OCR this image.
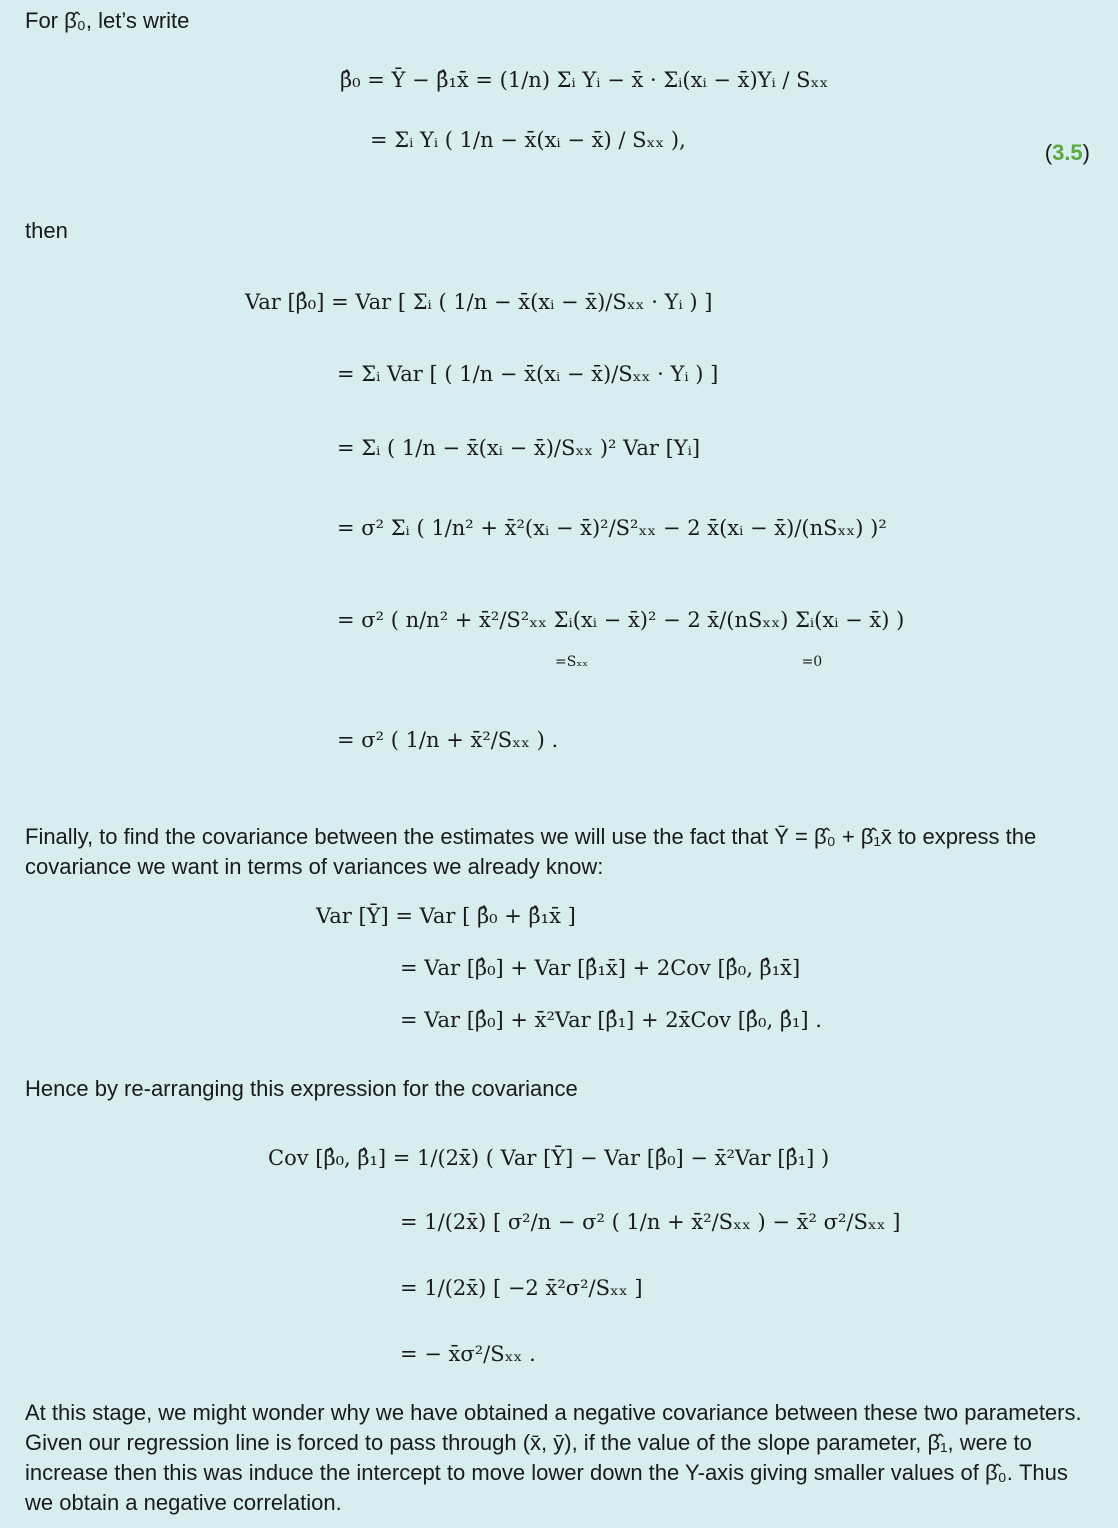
For β̂₀, let’s write

β̂₀ = Ȳ − β̂₁x̄ = (1/n) Σᵢ Yᵢ − x̄ · Σᵢ(xᵢ − x̄)Yᵢ / Sₓₓ
= Σᵢ Yᵢ ( 1/n − x̄(xᵢ − x̄) / Sₓₓ ),	(3.5)

then

Var [β̂₀] = Var [ Σᵢ ( 1/n − x̄(xᵢ − x̄)/Sₓₓ · Yᵢ ) ]
= Σᵢ Var [ ( 1/n − x̄(xᵢ − x̄)/Sₓₓ · Yᵢ ) ]
= Σᵢ ( 1/n − x̄(xᵢ − x̄)/Sₓₓ )² Var [Yᵢ]
= σ² Σᵢ ( 1/n² + x̄²(xᵢ − x̄)²/S²ₓₓ − 2 x̄(xᵢ − x̄)/(nSₓₓ) )²
= σ² ( n/n² + x̄²/S²ₓₓ Σᵢ(xᵢ − x̄)² − 2 x̄/(nSₓₓ) Σᵢ(xᵢ − x̄) )
=Sₓₓ	=0
= σ² ( 1/n + x̄²/Sₓₓ ) .

Finally, to find the covariance between the estimates we will use the fact that Ȳ = β̂₀ + β̂₁x̄ to express the covariance we want in terms of variances we already know:

Var [Ȳ] = Var [ β̂₀ + β̂₁x̄ ]
= Var [β̂₀] + Var [β̂₁x̄] + 2Cov [β̂₀, β̂₁x̄]
= Var [β̂₀] + x̄²Var [β̂₁] + 2x̄Cov [β̂₀, β̂₁] .

Hence by re-arranging this expression for the covariance

Cov [β̂₀, β̂₁] = 1/(2x̄) ( Var [Ȳ] − Var [β̂₀] − x̄²Var [β̂₁] )
= 1/(2x̄) [ σ²/n − σ² ( 1/n + x̄²/Sₓₓ ) − x̄² σ²/Sₓₓ ]
= 1/(2x̄) [ −2 x̄²σ²/Sₓₓ ]
= − x̄σ²/Sₓₓ .

At this stage, we might wonder why we have obtained a negative covariance between these two parameters. Given our regression line is forced to pass through (x̄, ȳ), if the value of the slope parameter, β̂₁, were to increase then this was induce the intercept to move lower down the Y-axis giving smaller values of β̂₀. Thus we obtain a negative correlation.
